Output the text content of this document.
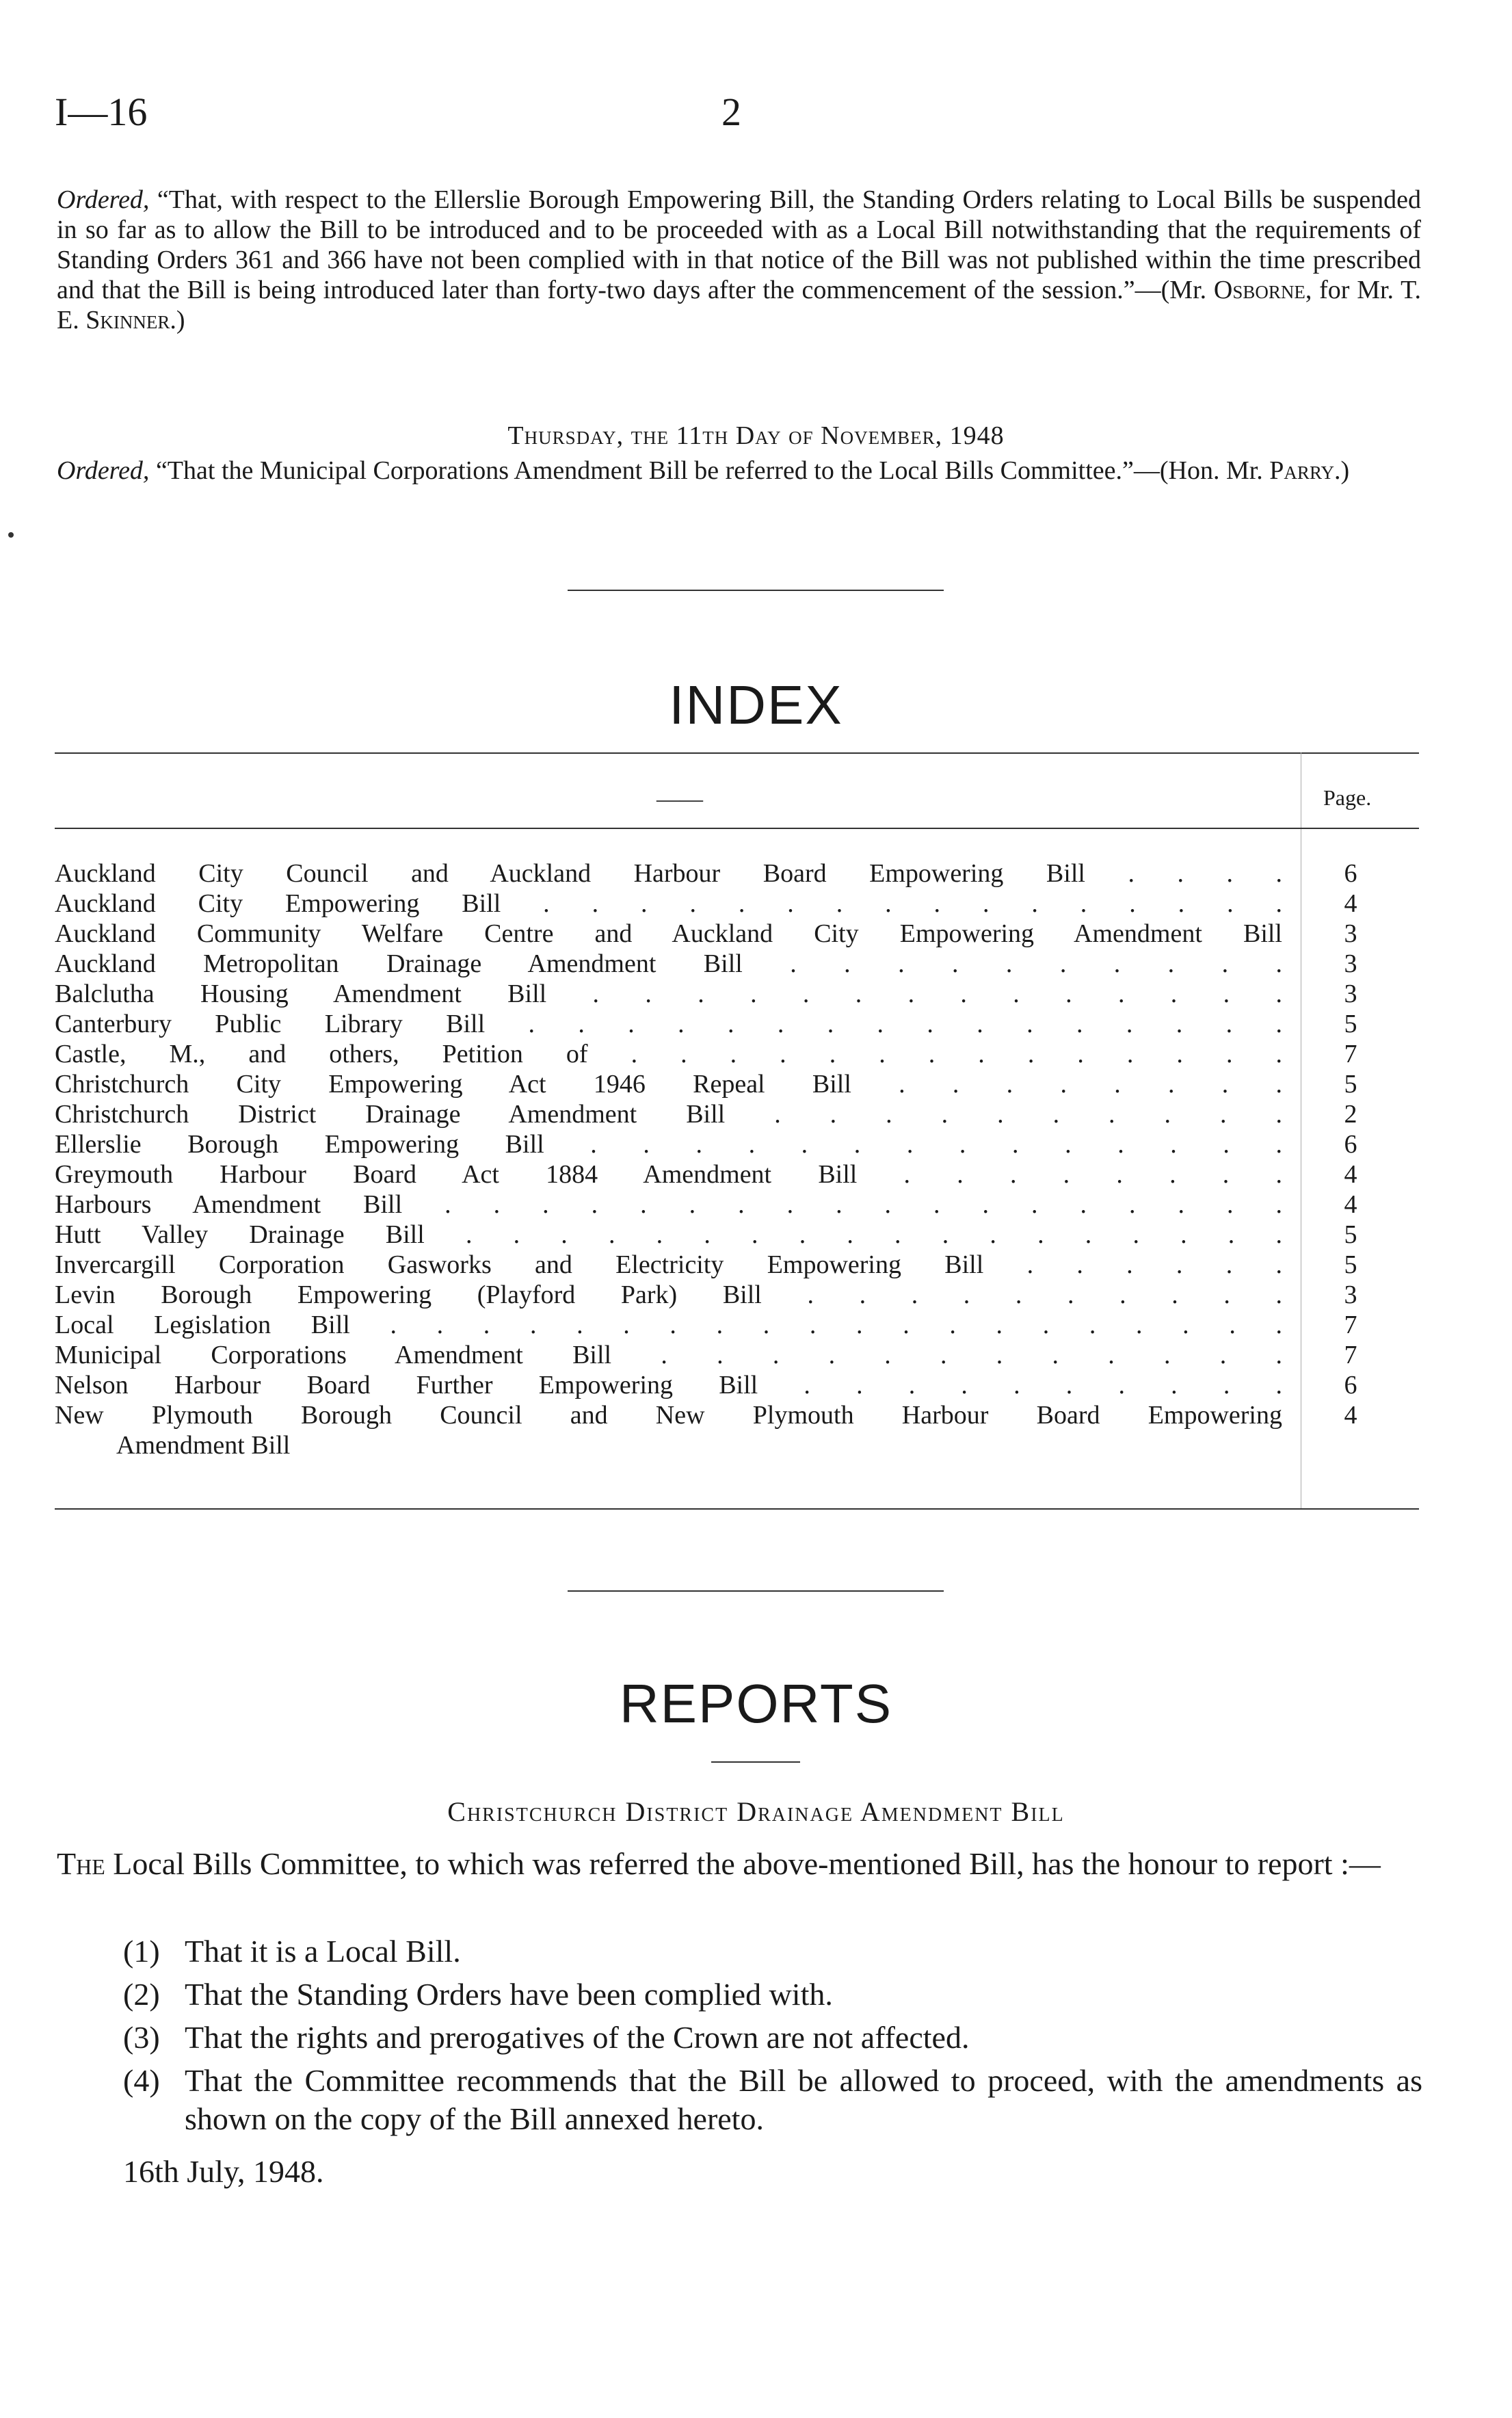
I—16	2

Ordered, “That, with respect to the Ellerslie Borough Empowering Bill, the Standing Orders relating to Local Bills be suspended in so far as to allow the Bill to be introduced and to be proceeded with as a Local Bill notwithstanding that the requirements of Standing Orders 361 and 366 have not been complied with in that notice of the Bill was not published within the time prescribed and that the Bill is being introduced later than forty-two days after the commencement of the session.”—(Mr. Osborne, for Mr. T. E. Skinner.)

Thursday, the 11th Day of November, 1948

Ordered, “That the Municipal Corporations Amendment Bill be referred to the Local Bills Committee.”—(Hon. Mr. Parry.)

INDEX
——	Page.
Auckland City Council and Auckland Harbour Board Empowering Bill . . . .	6
Auckland City Empowering Bill . . . . . . . . . . . . . . . .	4
Auckland Community Welfare Centre and Auckland City Empowering Amendment Bill	3
Auckland Metropolitan Drainage Amendment Bill . . . . . . . . . .	3
Balclutha Housing Amendment Bill . . . . . . . . . . . . . .	3
Canterbury Public Library Bill . . . . . . . . . . . . . . . .	5
Castle, M., and others, Petition of . . . . . . . . . . . . . .	7
Christchurch City Empowering Act 1946 Repeal Bill . . . . . . . .	5
Christchurch District Drainage Amendment Bill . . . . . . . . . .	2
Ellerslie Borough Empowering Bill . . . . . . . . . . . . . .	6
Greymouth Harbour Board Act 1884 Amendment Bill . . . . . . . .	4
Harbours Amendment Bill . . . . . . . . . . . . . . . . . .	4
Hutt Valley Drainage Bill . . . . . . . . . . . . . . . . . .	5
Invercargill Corporation Gasworks and Electricity Empowering Bill . . . . . .	5
Levin Borough Empowering (Playford Park) Bill . . . . . . . . . .	3
Local Legislation Bill . . . . . . . . . . . . . . . . . . . .	7
Municipal Corporations Amendment Bill . . . . . . . . . . . .	7
Nelson Harbour Board Further Empowering Bill . . . . . . . . . .	6
New Plymouth Borough Council and New Plymouth Harbour Board Empowering	4
Amendment Bill
REPORTS
Christchurch District Drainage Amendment Bill

The Local Bills Committee, to which was referred the above-mentioned Bill, has the honour to report :—

(1) That it is a Local Bill.
(2) That the Standing Orders have been complied with.
(3) That the rights and prerogatives of the Crown are not affected.
(4) That the Committee recommends that the Bill be allowed to proceed, with the amendments as shown on the copy of the Bill annexed hereto.
16th July, 1948.
